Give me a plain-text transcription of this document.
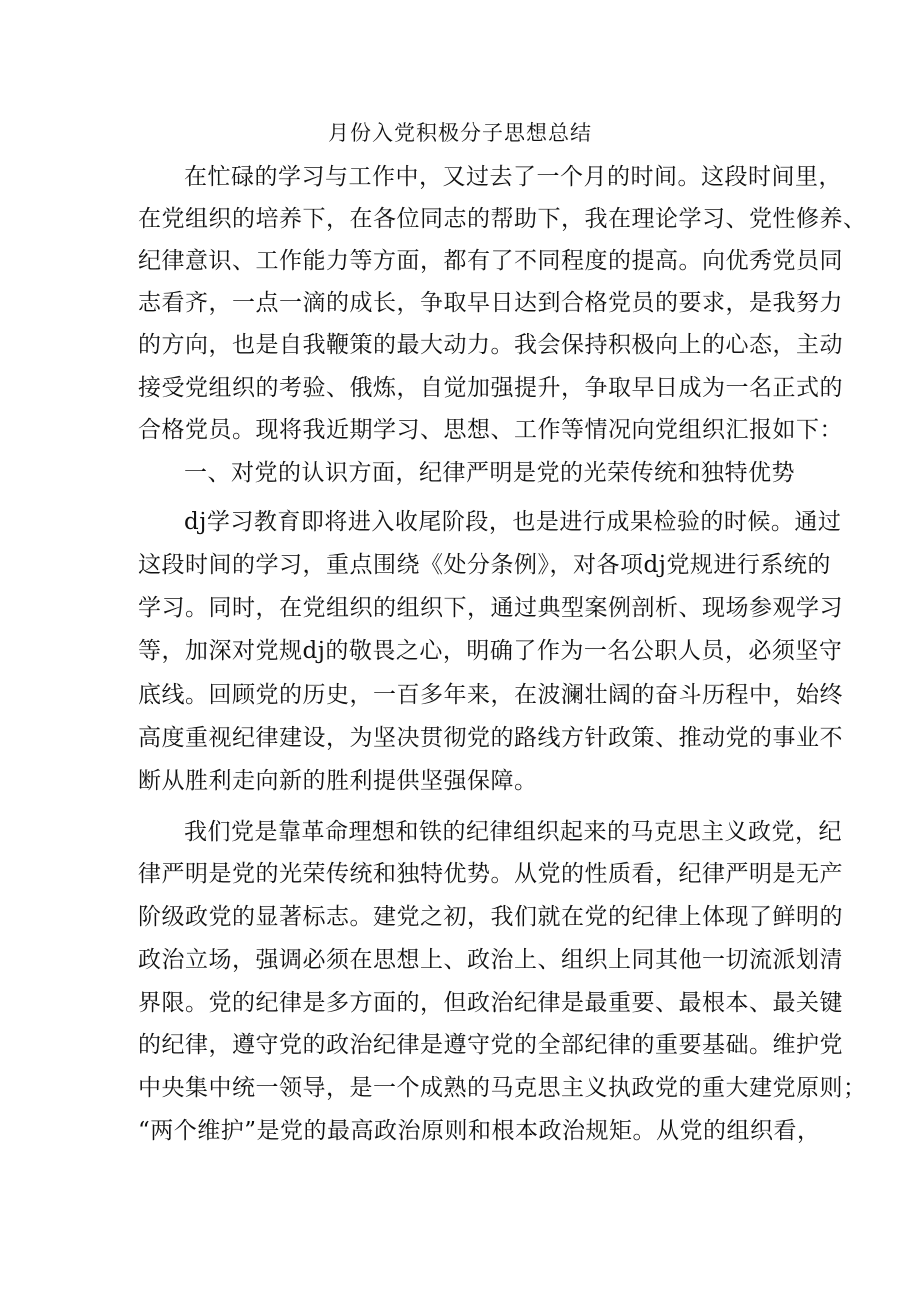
月份入党积极分子思想总结
在忙碌的学习与工作中，又过去了一个月的时间。这段时间里，
在党组织的培养下，在各位同志的帮助下，我在理论学习、党性修养、
纪律意识、工作能力等方面，都有了不同程度的提高。向优秀党员同
志看齐，一点一滴的成长，争取早日达到合格党员的要求，是我努力
的方向，也是自我鞭策的最大动力。我会保持积极向上的心态，主动
接受党组织的考验、俄炼，自觉加强提升，争取早日成为一名正式的
合格党员。现将我近期学习、思想、工作等情况向党组织汇报如下：
一、对党的认识方面，纪律严明是党的光荣传统和独特优势
dj学习教育即将进入收尾阶段，也是进行成果检验的时候。通过
这段时间的学习，重点围绕《处分条例》，对各项dj党规进行系统的
学习。同时，在党组织的组织下，通过典型案例剖析、现场参观学习
等，加深对党规dj的敬畏之心，明确了作为一名公职人员，必须坚守
底线。回顾党的历史，一百多年来，在波澜壮阔的奋斗历程中，始终
高度重视纪律建设，为坚决贯彻党的路线方针政策、推动党的事业不
断从胜利走向新的胜利提供坚强保障。
我们党是靠革命理想和铁的纪律组织起来的马克思主义政党，纪
律严明是党的光荣传统和独特优势。从党的性质看，纪律严明是无产
阶级政党的显著标志。建党之初，我们就在党的纪律上体现了鲜明的
政治立场，强调必须在思想上、政治上、组织上同其他一切流派划清
界限。党的纪律是多方面的，但政治纪律是最重要、最根本、最关键
的纪律，遵守党的政治纪律是遵守党的全部纪律的重要基础。维护党
中央集中统一领导，是一个成熟的马克思主义执政党的重大建党原则；
“两个维护”是党的最高政治原则和根本政治规矩。从党的组织看，
